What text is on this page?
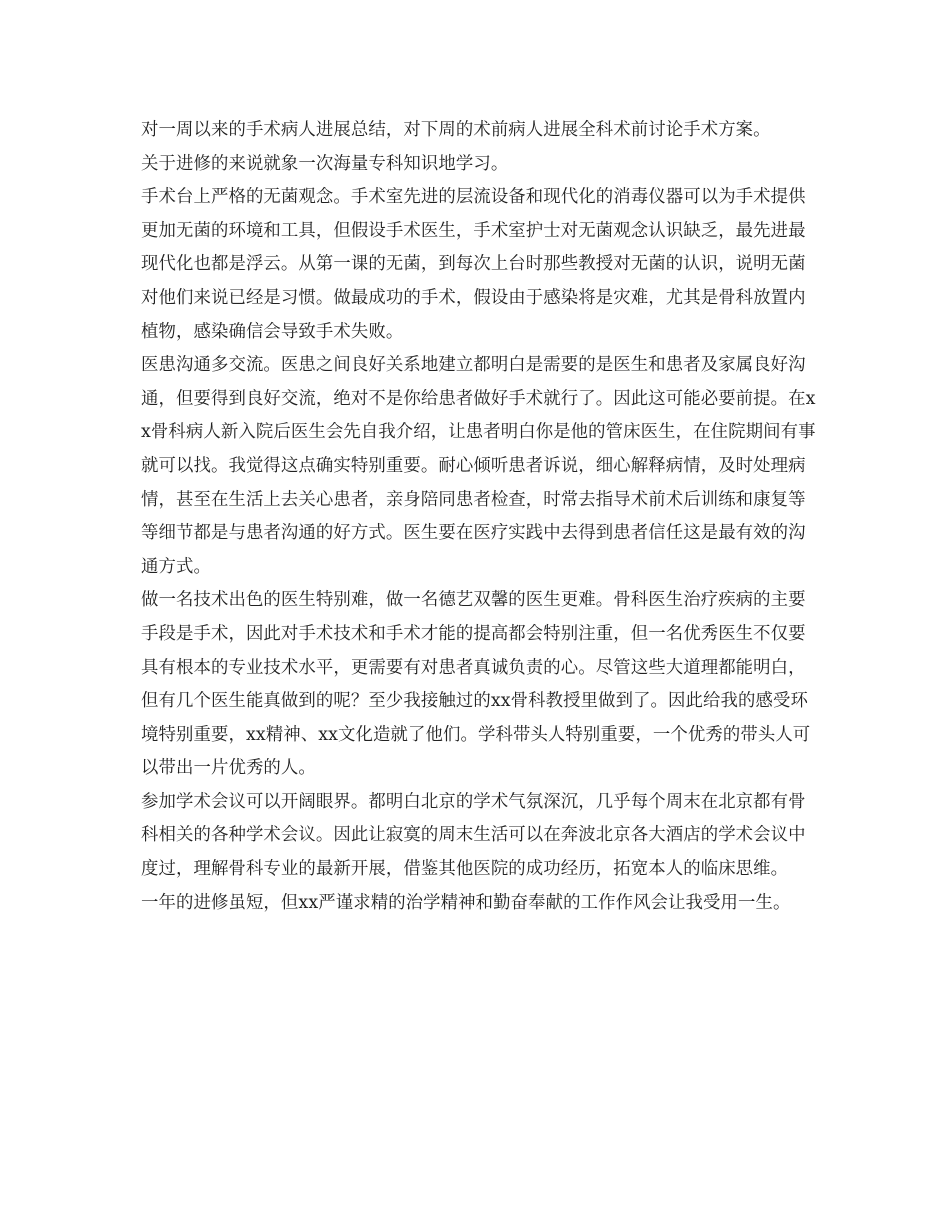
对一周以来的手术病人进展总结，对下周的术前病人进展全科术前讨论手术方案。

关于进修的来说就象一次海量专科知识地学习。

手术台上严格的无菌观念。手术室先进的层流设备和现代化的消毒仪器可以为手术提供更加无菌的环境和工具，但假设手术医生，手术室护士对无菌观念认识缺乏，最先进最现代化也都是浮云。从第一课的无菌，到每次上台时那些教授对无菌的认识，说明无菌对他们来说已经是习惯。做最成功的手术，假设由于感染将是灾难，尤其是骨科放置内植物，感染确信会导致手术失败。

医患沟通多交流。医患之间良好关系地建立都明白是需要的是医生和患者及家属良好沟通，但要得到良好交流，绝对不是你给患者做好手术就行了。因此这可能必要前提。在xx骨科病人新入院后医生会先自我介绍，让患者明白你是他的管床医生，在住院期间有事就可以找。我觉得这点确实特别重要。耐心倾听患者诉说，细心解释病情，及时处理病情，甚至在生活上去关心患者，亲身陪同患者检查，时常去指导术前术后训练和康复等等细节都是与患者沟通的好方式。医生要在医疗实践中去得到患者信任这是最有效的沟通方式。

做一名技术出色的医生特别难，做一名德艺双馨的医生更难。骨科医生治疗疾病的主要手段是手术，因此对手术技术和手术才能的提高都会特别注重，但一名优秀医生不仅要具有根本的专业技术水平，更需要有对患者真诚负责的心。尽管这些大道理都能明白，但有几个医生能真做到的呢？至少我接触过的xx骨科教授里做到了。因此给我的感受环境特别重要，xx精神、xx文化造就了他们。学科带头人特别重要，一个优秀的带头人可以带出一片优秀的人。

参加学术会议可以开阔眼界。都明白北京的学术气氛深沉，几乎每个周末在北京都有骨科相关的各种学术会议。因此让寂寞的周末生活可以在奔波北京各大酒店的学术会议中度过，理解骨科专业的最新开展，借鉴其他医院的成功经历，拓宽本人的临床思维。

一年的进修虽短，但xx严谨求精的治学精神和勤奋奉献的工作作风会让我受用一生。
